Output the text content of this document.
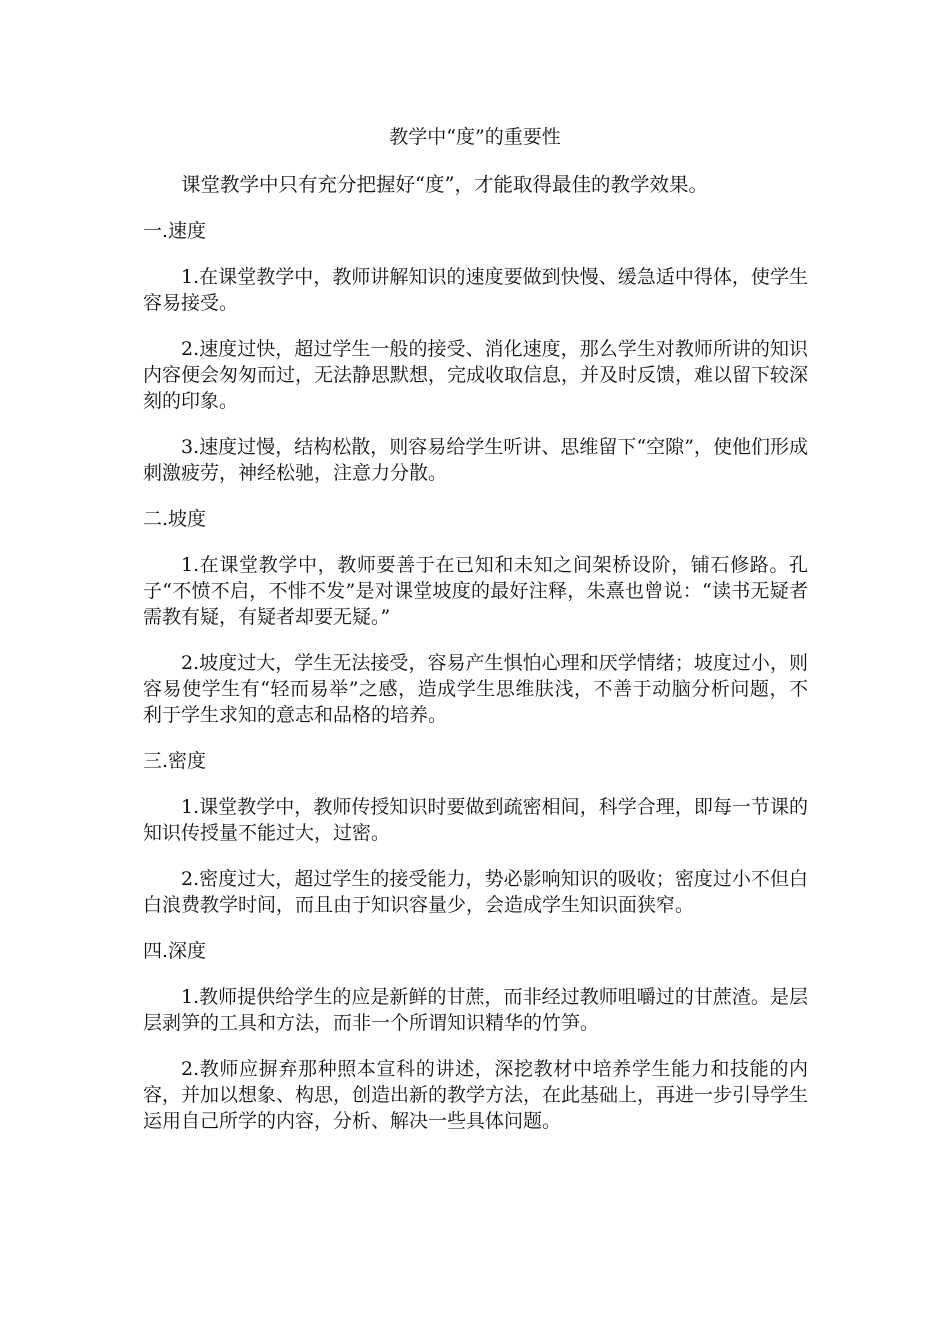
教学中“度”的重要性

课堂教学中只有充分把握好“度”，才能取得最佳的教学效果。

一.速度

1.在课堂教学中，教师讲解知识的速度要做到快慢、缓急适中得体，使学生容易接受。

2.速度过快，超过学生一般的接受、消化速度，那么学生对教师所讲的知识内容便会匆匆而过，无法静思默想，完成收取信息，并及时反馈，难以留下较深刻的印象。

3.速度过慢，结构松散，则容易给学生听讲、思维留下“空隙”，使他们形成刺激疲劳，神经松驰，注意力分散。

二.坡度

1.在课堂教学中，教师要善于在已知和未知之间架桥设阶，铺石修路。孔子“不愤不启，不悱不发”是对课堂坡度的最好注释，朱熹也曾说：“读书无疑者需教有疑，有疑者却要无疑。”

2.坡度过大，学生无法接受，容易产生惧怕心理和厌学情绪；坡度过小，则容易使学生有“轻而易举”之感，造成学生思维肤浅，不善于动脑分析问题，不利于学生求知的意志和品格的培养。

三.密度

1.课堂教学中，教师传授知识时要做到疏密相间，科学合理，即每一节课的知识传授量不能过大，过密。

2.密度过大，超过学生的接受能力，势必影响知识的吸收；密度过小不但白白浪费教学时间，而且由于知识容量少，会造成学生知识面狭窄。

四.深度

1.教师提供给学生的应是新鲜的甘蔗，而非经过教师咀嚼过的甘蔗渣。是层层剥笋的工具和方法，而非一个所谓知识精华的竹笋。

2.教师应摒弃那种照本宣科的讲述，深挖教材中培养学生能力和技能的内容，并加以想象、构思，创造出新的教学方法，在此基础上，再进一步引导学生运用自己所学的内容，分析、解决一些具体问题。
